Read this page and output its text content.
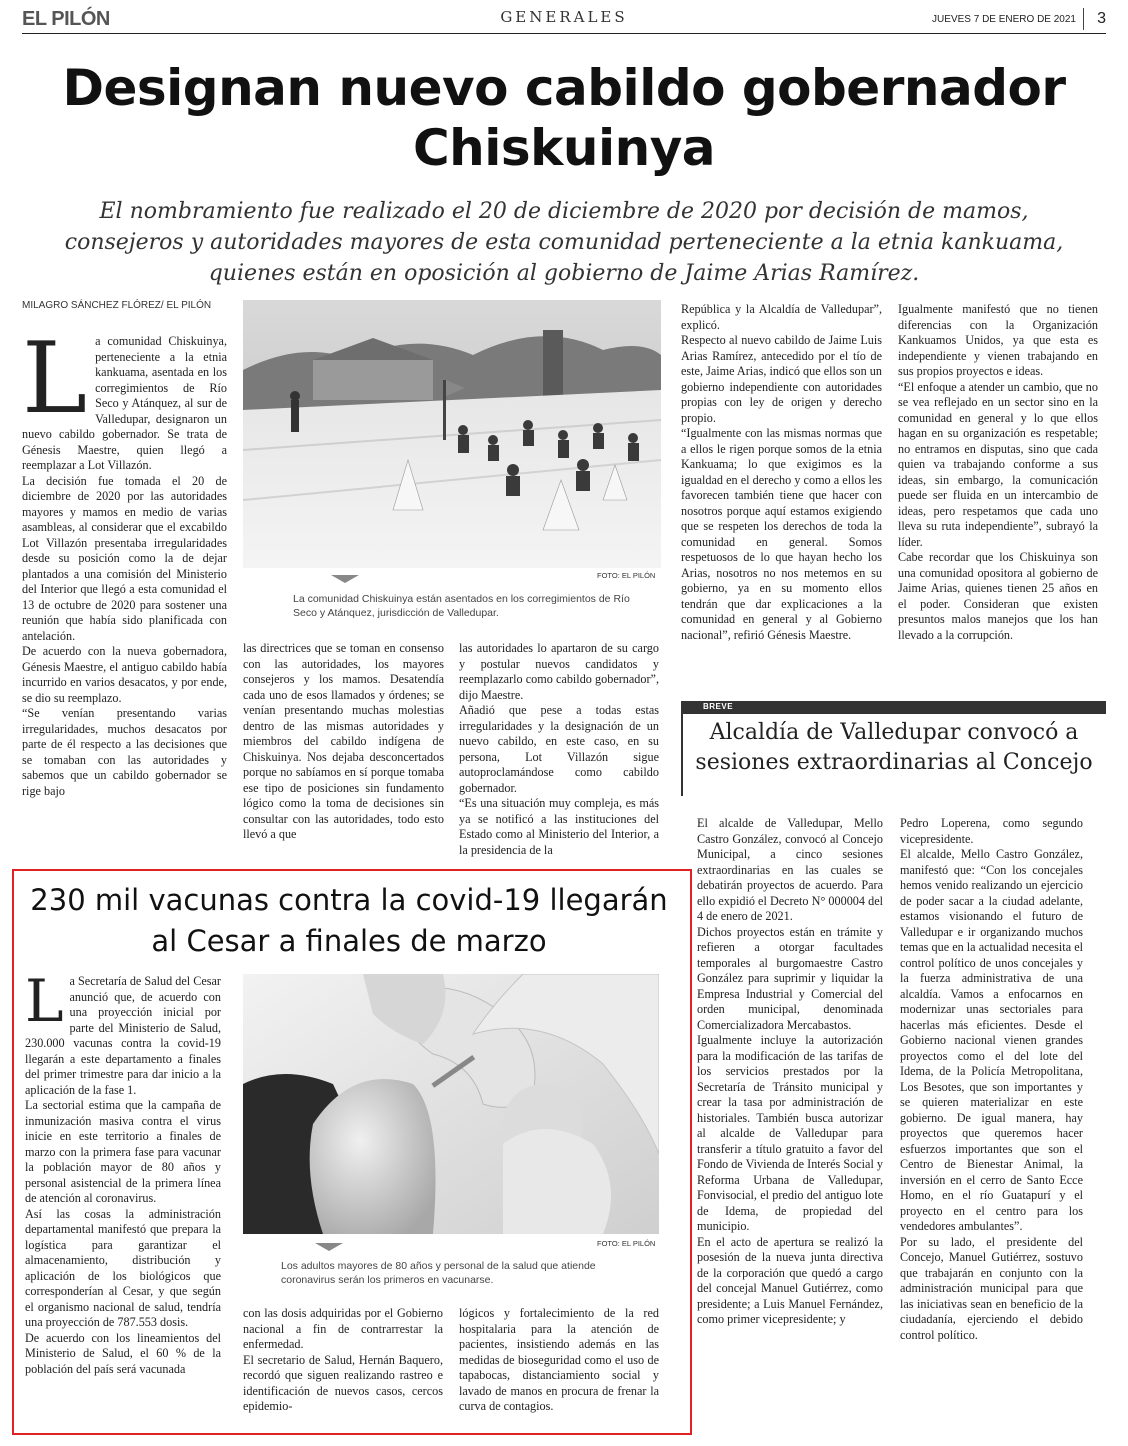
EL PILÓN	GENERALES	JUEVES 7 DE ENERO DE 2021 3
Designan nuevo cabildo gobernador Chiskuinya
El nombramiento fue realizado el 20 de diciembre de 2020 por decisión de mamos, consejeros y autoridades mayores de esta comunidad perteneciente a la etnia kankuama, quienes están en oposición al gobierno de Jaime Arias Ramírez.
MILAGRO SÁNCHEZ FLÓREZ/ EL PILÓN
L a comunidad Chiskuinya, perteneciente a la etnia kankuama, asentada en los corregimientos de Río Seco y Atánquez, al sur de Valledupar, designaron un nuevo cabildo gobernador. Se trata de Génesis Maestre, quien llegó a reemplazar a Lot Villazón.

La decisión fue tomada el 20 de diciembre de 2020 por las autoridades mayores y mamos en medio de varias asambleas, al considerar que el excabildo Lot Villazón presentaba irregularidades desde su posición como la de dejar plantados a una comisión del Ministerio del Interior que llegó a esta comunidad el 13 de octubre de 2020 para sostener una reunión que había sido planificada con antelación.

De acuerdo con la nueva gobernadora, Génesis Maestre, el antiguo cabildo había incurrido en varios desacatos, y por ende, se dio su reemplazo.

“Se venían presentando varias irregularidades, muchos desacatos por parte de él respecto a las decisiones que se tomaban con las autoridades y sabemos que un cabildo gobernador se rige bajo

FOTO: EL PILÓN
La comunidad Chiskuinya están asentados en los corregimientos de Río Seco y Atánquez, jurisdicción de Valledupar.

las directrices que se toman en consenso con las autoridades, los mayores consejeros y los mamos. Desatendía cada uno de esos llamados y órdenes; se venían presentando muchas molestias dentro de las mismas autoridades y miembros del cabildo indígena de Chiskuinya. Nos dejaba desconcertados porque no sabíamos en sí porque tomaba ese tipo de posiciones sin fundamento lógico como la toma de decisiones sin consultar con las autoridades, todo esto llevó a que

las autoridades lo apartaron de su cargo y postular nuevos candidatos y reemplazarlo como cabildo gobernador”, dijo Maestre.

Añadió que pese a todas estas irregularidades y la designación de un nuevo cabildo, en este caso, en su persona, Lot Villazón sigue autoproclamándose como cabildo gobernador.

“Es una situación muy compleja, es más ya se notificó a las instituciones del Estado como al Ministerio del Interior, a la presidencia de la

República y la Alcaldía de Valledupar”, explicó.

Respecto al nuevo cabildo de Jaime Luis Arias Ramírez, antecedido por el tío de este, Jaime Arias, indicó que ellos son un gobierno independiente con autoridades propias con ley de origen y derecho propio.

“Igualmente con las mismas normas que a ellos le rigen porque somos de la etnia Kankuama; lo que exigimos es la igualdad en el derecho y como a ellos les favorecen también tiene que hacer con nosotros porque aquí estamos exigiendo que se respeten los derechos de toda la comunidad en general. Somos respetuosos de lo que hayan hecho los Arias, nosotros no nos metemos en su gobierno, ya en su momento ellos tendrán que dar explicaciones a la comunidad en general y al Gobierno nacional”, refirió Génesis Maestre.

Igualmente manifestó que no tienen diferencias con la Organización Kankuamos Unidos, ya que esta es independiente y vienen trabajando en sus propios proyectos e ideas.

“El enfoque a atender un cambio, que no se vea reflejado en un sector sino en la comunidad en general y lo que ellos hagan en su organización es respetable; no entramos en disputas, sino que cada quien va trabajando conforme a sus ideas, sin embargo, la comunicación puede ser fluida en un intercambio de ideas, pero respetamos que cada uno lleva su ruta independiente”, subrayó la líder.

Cabe recordar que los Chiskuinya son una comunidad opositora al gobierno de Jaime Arias, quienes tienen 25 años en el poder. Consideran que existen presuntos malos manejos que los han llevado a la corrupción.

BREVE
Alcaldía de Valledupar convocó a sesiones extraordinarias al Concejo

El alcalde de Valledupar, Mello Castro González, convocó al Concejo Municipal, a cinco sesiones extraordinarias en las cuales se debatirán proyectos de acuerdo. Para ello expidió el Decreto N° 000004 del 4 de enero de 2021.

Dichos proyectos están en trámite y refieren a otorgar facultades temporales al burgomaestre Castro González para suprimir y liquidar la Empresa Industrial y Comercial del orden municipal, denominada Comercializadora Mercabastos.

Igualmente incluye la autorización para la modificación de las tarifas de los servicios prestados por la Secretaría de Tránsito municipal y crear la tasa por administración de historiales. También busca autorizar al alcalde de Valledupar para transferir a título gratuito a favor del Fondo de Vivienda de Interés Social y Reforma Urbana de Valledupar, Fonvisocial, el predio del antiguo lote de Idema, de propiedad del municipio.

En el acto de apertura se realizó la posesión de la nueva junta directiva de la corporación que quedó a cargo del concejal Manuel Gutiérrez, como presidente; a Luis Manuel Fernández, como primer vicepresidente; y

Pedro Loperena, como segundo vicepresidente.

El alcalde, Mello Castro González, manifestó que: “Con los concejales hemos venido realizando un ejercicio de poder sacar a la ciudad adelante, estamos visionando el futuro de Valledupar e ir organizando muchos temas que en la actualidad necesita el control político de unos concejales y la fuerza administrativa de una alcaldía. Vamos a enfocarnos en modernizar unas sectoriales para hacerlas más eficientes. Desde el Gobierno nacional vienen grandes proyectos como el del lote del Idema, de la Policía Metropolitana, Los Besotes, que son importantes y se quieren materializar en este gobierno. De igual manera, hay proyectos que queremos hacer esfuerzos importantes que son el Centro de Bienestar Animal, la inversión en el cerro de Santo Ecce Homo, en el río Guatapurí y el proyecto en el centro para los vendedores ambulantes”.

Por su lado, el presidente del Concejo, Manuel Gutiérrez, sostuvo que trabajarán en conjunto con la administración municipal para que las iniciativas sean en beneficio de la ciudadanía, ejerciendo el debido control político.

230 mil vacunas contra la covid-19 llegarán al Cesar a finales de marzo
L a Secretaría de Salud del Cesar anunció que, de acuerdo con una proyección inicial por parte del Ministerio de Salud, 230.000 vacunas contra la covid-19 llegarán a este departamento a finales del primer trimestre para dar inicio a la aplicación de la fase 1.

La sectorial estima que la campaña de inmunización masiva contra el virus inicie en este territorio a finales de marzo con la primera fase para vacunar la población mayor de 80 años y personal asistencial de la primera línea de atención al coronavirus.

Así las cosas la administración departamental manifestó que prepara la logística para garantizar el almacenamiento, distribución y aplicación de los biológicos que corresponderían al Cesar, y que según el organismo nacional de salud, tendría una proyección de 787.553 dosis.

De acuerdo con los lineamientos del Ministerio de Salud, el 60 % de la población del país será vacunada

FOTO: EL PILÓN
Los adultos mayores de 80 años y personal de la salud que atiende coronavirus serán los primeros en vacunarse.

con las dosis adquiridas por el Gobierno nacional a fin de contrarrestar la enfermedad.

El secretario de Salud, Hernán Baquero, recordó que siguen realizando rastreo e identificación de nuevos casos, cercos epidemio-

lógicos y fortalecimiento de la red hospitalaria para la atención de pacientes, insistiendo además en las medidas de bioseguridad como el uso de tapabocas, distanciamiento social y lavado de manos en procura de frenar la curva de contagios.
